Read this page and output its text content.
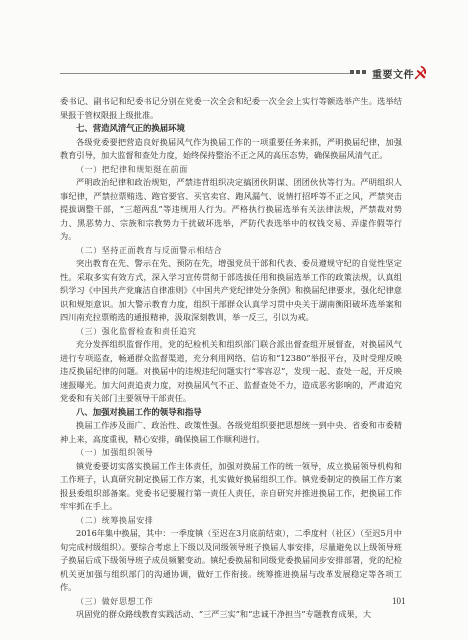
重要文件

委书记、副书记和纪委书记分别在党委一次全会和纪委一次全会上实行等额选举产生。选举结果报于管权限报上级批准。

七、营造风清气正的换届环境

各级党委要把营造良好换届风气作为换届工作的一项重要任务来抓，严明换届纪律，加强教育引导，加大监督和查处力度，始终保持整治不正之风的高压态势，确保换届风清气正。

（一）把纪律和规矩挺在前面

严明政治纪律和政治规矩，严禁违背组织决定搞团伙阴谋、团团伙伙等行为。严明组织人事纪律，严禁拉票贿选、跑官要官、买官卖官、跑风漏气、说情打招呼等不正之风，严禁突击提拔调整干部，“三超两乱”等违规用人行为。严格执行换届选举有关法律法规，严禁裁对势力、黑恶势力、宗族和宗教势力干扰破坏选举，严防代表选举中的权钱交易、弄虚作假等行为。

（二）坚持正面教育与反面警示相结合

突出教育在先、警示在先、预防在先，增强党员干部和代表、委员遵规守纪的自觉性坚定性。采取多实有效方式，深入学习宣传贯彻于部选拔任用和换届选举工作的政策法规，认真组织学习《中国共产党廉洁自律准则》《中国共产党纪律处分条例》和换届纪律要求，强化纪律意识和规矩意识。加大警示教育力度，组织干部群众认真学习贯中央关于湖南衡阳破坏选举案和四川南充拉票贿选的通报精神，汲取深刻教训，举一反三，引以为戒。

（三）强化监督检查和责任追究

充分发挥组织监督作用，党的纪检机关和组织部门联合派出督查组开展督查，对换届风气进行专项巡查，畅通群众监督渠道，充分利用网络、信访和“12380”举报平台，及时受理反映违反换届纪律的问题。对换届中的违规违纪问题实行“零容忍”，发现一起、查处一起，开反映速报曝光。加大问责追责力度，对换届风气不正、监督查处不力，造成恶劣影响的，严肃追究党委和有关部门主要领导干部责任。

八、加强对换届工作的领导和指导

换届工作涉及面广、政治性、政策性强。各级党组织要把思想统一到中央、省委和市委精神上来，高度重视，精心安排，确保换届工作顺利进行。

（一）加强组织领导

镇党委要切实落实换届工作主体责任，加强对换届工作的统一领导，成立换届领导机构和工作班子，认真研究制定换届工作方案，扎实做好换届组织工作。镇党委制定的换届工作方案报县委组织部备案。党委书记要履行第一责任人责任，亲自研究并推进换届工作，把换届工作牢牢抓在手上。

（二）统筹换届安排

2016年集中换届，其中：一季度镇（至迟在3月底前结束），二季度村（社区）（至迟5月中旬完成村级组织）。要综合考虑上下级以及同级领导班子换届人事安排，尽量避免以上级领导班子换届后成下级领导班子成员频繁变动。镇纪委换届和同级党委换届同步安排部署，党的纪检机关更加强与组织部门的沟通协调，做好工作衔接。统筹推进换届与改革发展稳定等各项工作。

（三）做好思想工作

巩固党的群众路线教育实践活动、“三严三实”和“忠诚干净担当”专题教育成果，大

101
